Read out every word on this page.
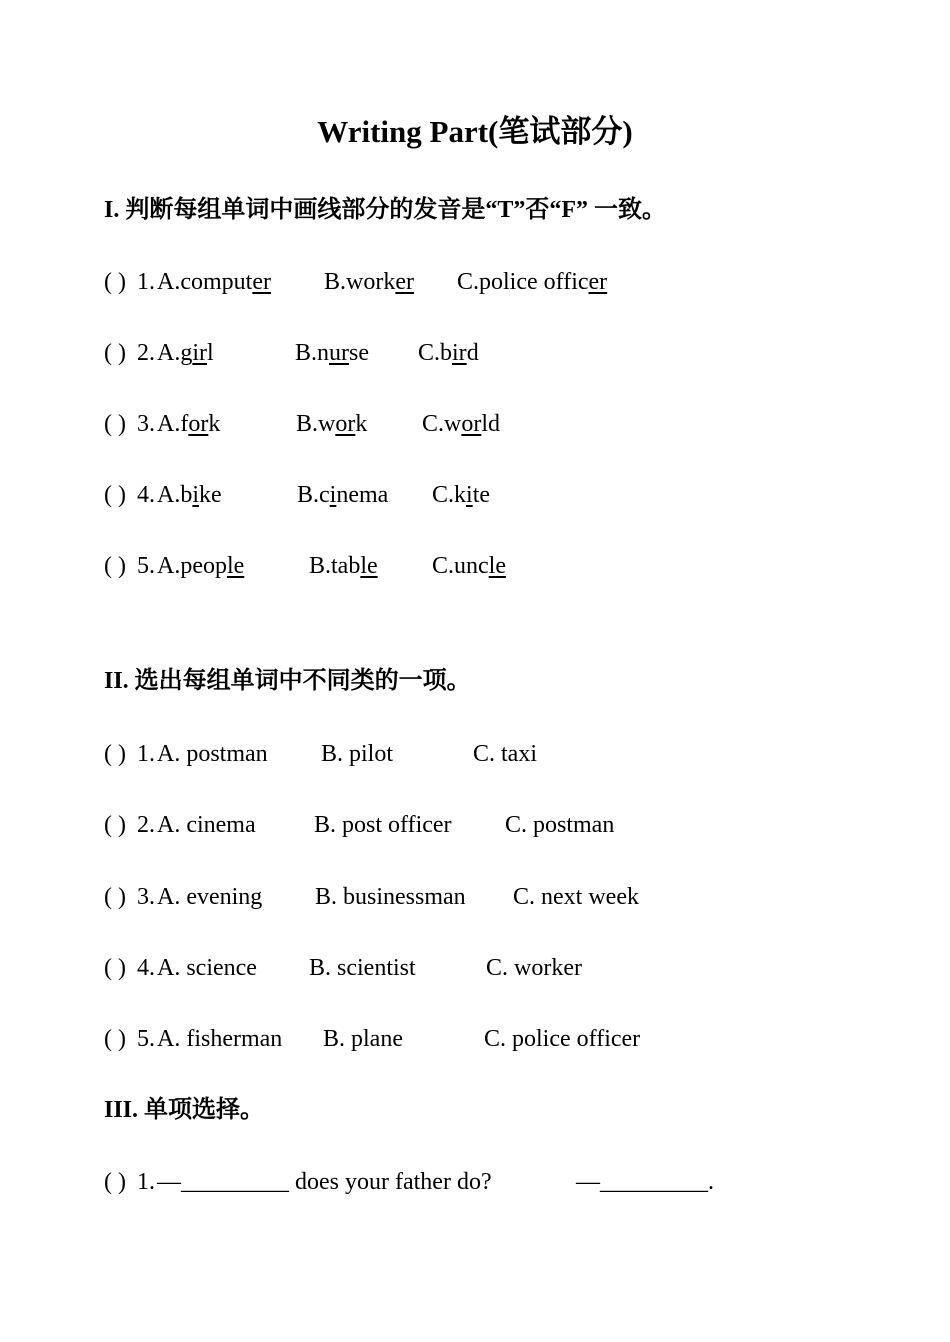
Writing Part(笔试部分)
I. 判断每组单词中画线部分的发音是“T”否“F” 一致。
( ) 1. A.computer B.worker C.police officer
( ) 2. A.girl	B.nurse C.bird
( ) 3. A.fork	B.work C.world
( ) 4. A.bike	B.cinema C.kite
( ) 5. A.people	B.table C.uncle
II. 选出每组单词中不同类的一项。
( ) 1. A. postman B. pilot	C. taxi
( ) 2. A. cinema B. post officer C. postman
( ) 3. A. evening B. businessman C. next week
( ) 4. A. science B. scientist	C. worker
( ) 5. A. fisherman B. plane	C. police officer
III. 单项选择。
( ) 1. —_________ does your father do?	—_________.
